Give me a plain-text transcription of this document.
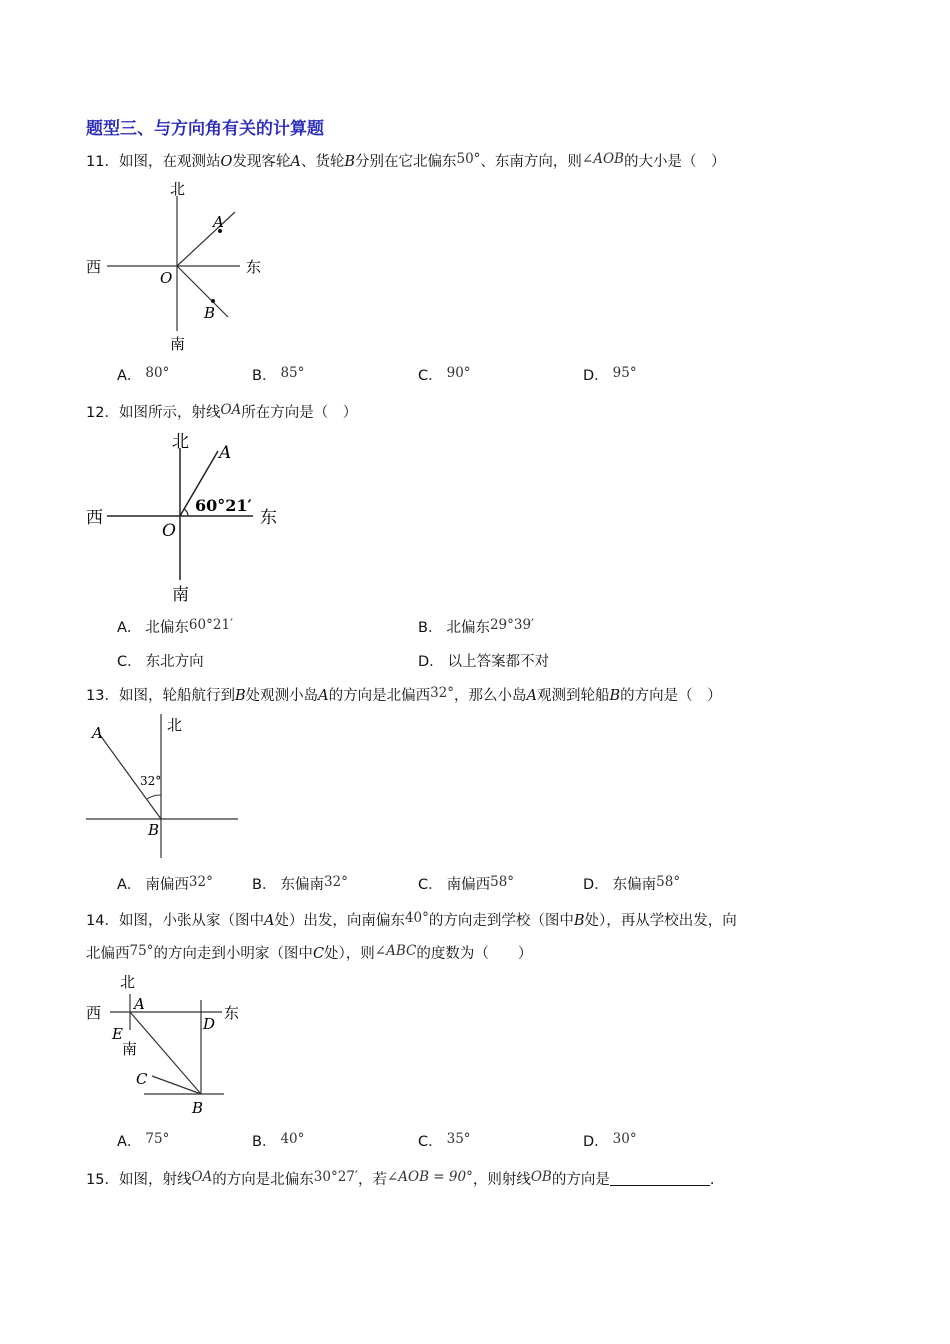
题型三、与方向角有关的计算题
11．如图，在观测站O发现客轮A、货轮B分别在它北偏东50°、东南方向，则∠AOB的大小是（　）
北
南
西	东
O
A
B
A． 80°	B． 85°	C． 90°	D． 95°
12．如图所示，射线OA所在方向是（　）
北
南
西	东
O
A
60°21′
A． 北偏东60°21′	B． 北偏东29°39′
C． 东北方向	D． 以上答案都不对
13．如图，轮船航行到B处观测小岛A的方向是北偏西32°，那么小岛A观测到轮船B的方向是（　）
北
A
B
32°
A． 南偏西32°	B． 东偏南32°	C． 南偏西58°	D． 东偏南58°
14．如图，小张从家（图中A处）出发，向南偏东40°的方向走到学校（图中B处），再从学校出发，向
北偏西75°的方向走到小明家（图中C处），则∠ABC的度数为（　　）
北
南
西	东
A
B
C
D
E
A． 75°	B． 40°	C． 35°	D． 30°
15．如图，射线OA的方向是北偏东30°27′，若∠AOB = 90°，则射线OB的方向是	.
